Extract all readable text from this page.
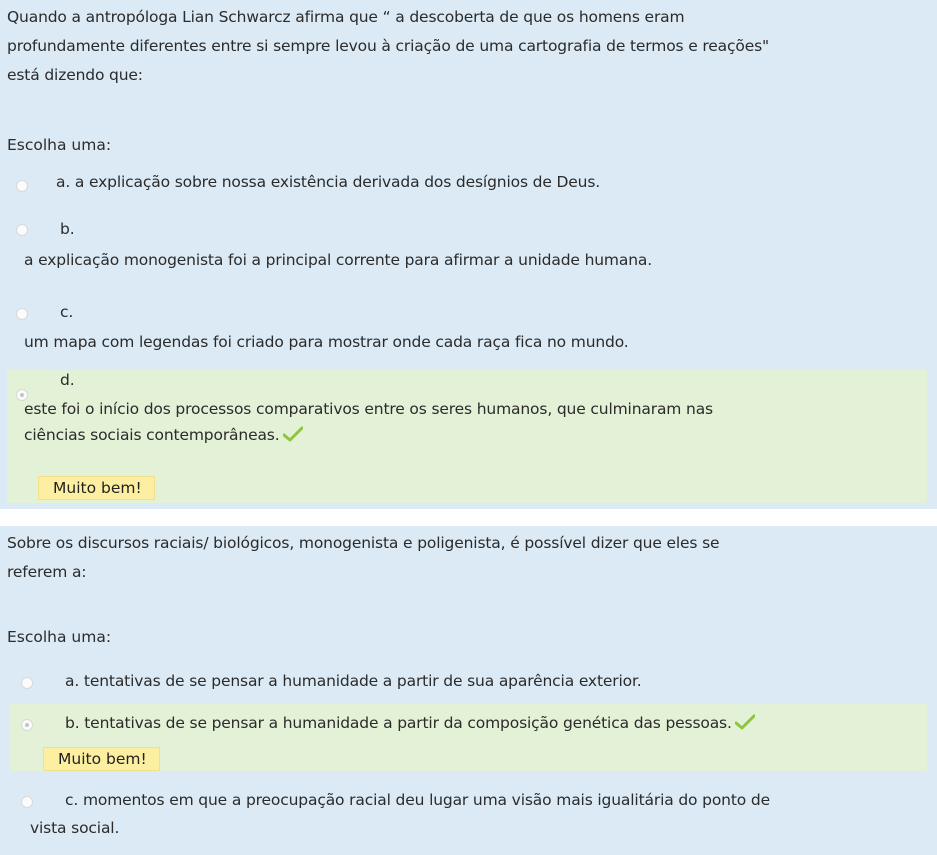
Quando a antropóloga Lian Schwarcz afirma que “ a descoberta de que os homens eram
profundamente diferentes entre si sempre levou à criação de uma cartografia de termos e reações"
está dizendo que:
Escolha uma:
a. a explicação sobre nossa existência derivada dos desígnios de Deus.
b.
a explicação monogenista foi a principal corrente para afirmar a unidade humana.
c.
um mapa com legendas foi criado para mostrar onde cada raça fica no mundo.
d.
este foi o início dos processos comparativos entre os seres humanos, que culminaram nas
ciências sociais contemporâneas.
Muito bem!
Sobre os discursos raciais/ biológicos, monogenista e poligenista, é possível dizer que eles se
referem a:
Escolha uma:
a. tentativas de se pensar a humanidade a partir de sua aparência exterior.
b. tentativas de se pensar a humanidade a partir da composição genética das pessoas.
Muito bem!
c. momentos em que a preocupação racial deu lugar uma visão mais igualitária do ponto de
vista social.
